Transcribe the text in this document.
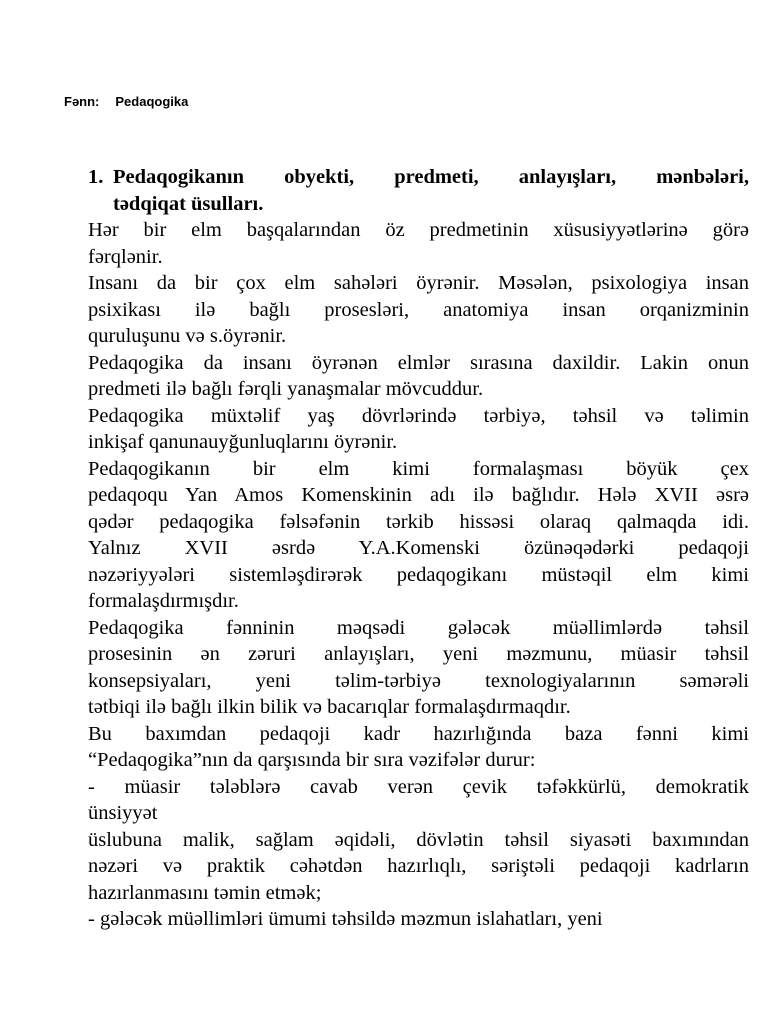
Fənn: Pedaqogika
1. Pedaqogikanın obyekti, predmeti, anlayışları, mənbələri,
tədqiqat üsulları.
Hər bir elm başqalarından öz predmetinin xüsusiyyətlərinə görə
fərqlənir.
Insanı da bir çox elm sahələri öyrənir. Məsələn, psixologiya insan
psixikası ilə bağlı prosesləri, anatomiya insan orqanizminin
quruluşunu və s.öyrənir.
Pedaqogika da insanı öyrənən elmlər sırasına daxildir. Lakin onun
predmeti ilə bağlı fərqli yanaşmalar mövcuddur.
Pedaqogika müxtəlif yaş dövrlərində tərbiyə, təhsil və təlimin
inkişaf qanunauyğunluqlarını öyrənir.
Pedaqogikanın bir elm kimi formalaşması böyük çex
pedaqoqu Yan Amos Komenskinin adı ilə bağlıdır. Hələ XVII əsrə
qədər pedaqogika fəlsəfənin tərkib hissəsi olaraq qalmaqda idi.
Yalnız XVII əsrdə Y.A.Komenski özünəqədərki pedaqoji
nəzəriyyələri sistemləşdirərək pedaqogikanı müstəqil elm kimi
formalaşdırmışdır.
Pedaqogika fənninin məqsədi gələcək müəllimlərdə təhsil
prosesinin ən zəruri anlayışları, yeni məzmunu, müasir təhsil
konsepsiyaları, yeni təlim-tərbiyə texnologiyalarının səmərəli
tətbiqi ilə bağlı ilkin bilik və bacarıqlar formalaşdırmaqdır.
Bu baxımdan pedaqoji kadr hazırlığında baza fənni kimi
“Pedaqogika”nın da qarşısında bir sıra vəzifələr durur:
- müasir tələblərə cavab verən çevik təfəkkürlü, demokratik
ünsiyyət
üslubuna malik, sağlam əqidəli, dövlətin təhsil siyasəti baxımından
nəzəri və praktik cəhətdən hazırlıqlı, səriştəli pedaqoji kadrların
hazırlanmasını təmin etmək;
- gələcək müəllimləri ümumi təhsildə məzmun islahatları, yeni
